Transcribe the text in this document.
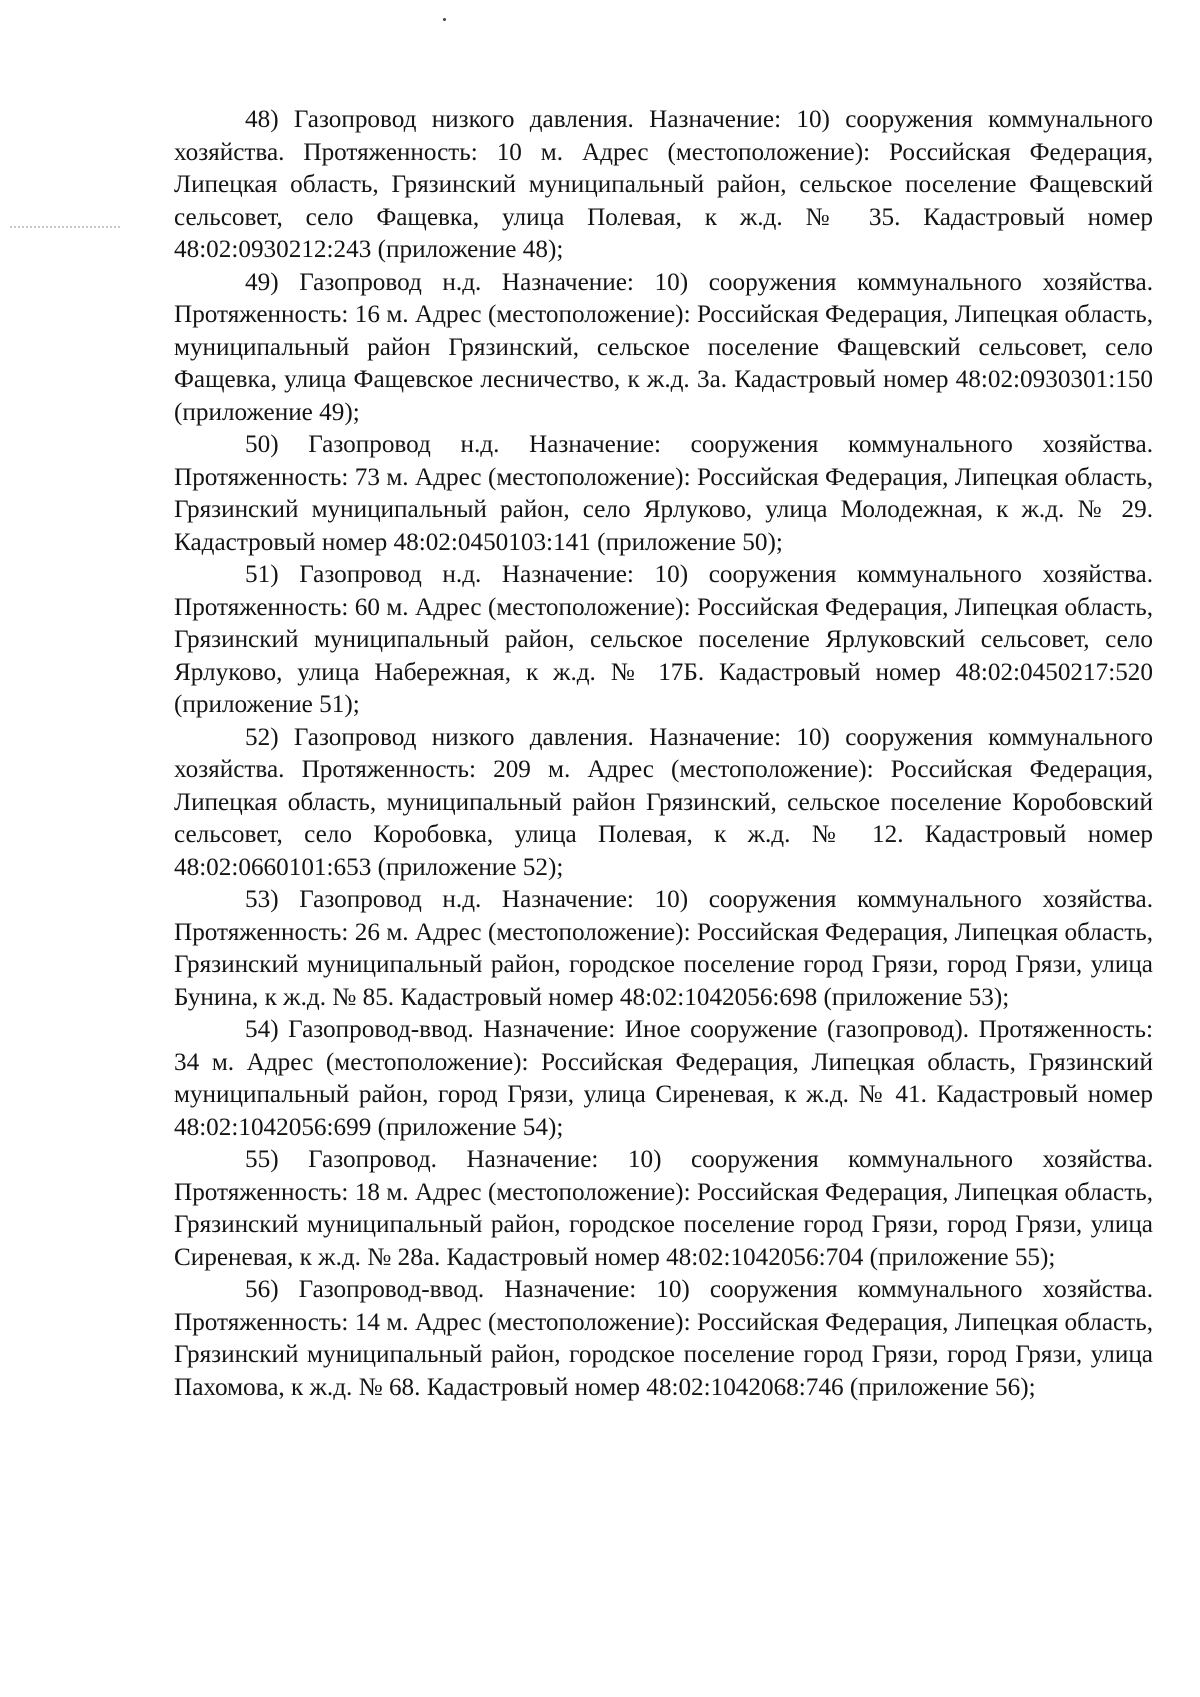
48) Газопровод низкого давления. Назначение: 10) сооружения коммунального хозяйства. Протяженность: 10 м. Адрес (местоположение): Российская Федерация, Липецкая область, Грязинский муниципальный район, сельское поселение Фащевский сельсовет, село Фащевка, улица Полевая, к ж.д. № 35. Кадастровый номер 48:02:0930212:243 (приложение 48);

49) Газопровод н.д. Назначение: 10) сооружения коммунального хозяйства. Протяженность: 16 м. Адрес (местоположение): Российская Федерация, Липецкая область, муниципальный район Грязинский, сельское поселение Фащевский сельсовет, село Фащевка, улица Фащевское лесничество, к ж.д. 3а. Кадастровый номер 48:02:0930301:150 (приложение 49);

50) Газопровод н.д. Назначение: сооружения коммунального хозяйства. Протяженность: 73 м. Адрес (местоположение): Российская Федерация, Липецкая область, Грязинский муниципальный район, село Ярлуково, улица Молодежная, к ж.д. № 29. Кадастровый номер 48:02:0450103:141 (приложение 50);

51) Газопровод н.д. Назначение: 10) сооружения коммунального хозяйства. Протяженность: 60 м. Адрес (местоположение): Российская Федерация, Липецкая область, Грязинский муниципальный район, сельское поселение Ярлуковский сельсовет, село Ярлуково, улица Набережная, к ж.д. № 17Б. Кадастровый номер 48:02:0450217:520 (приложение 51);

52) Газопровод низкого давления. Назначение: 10) сооружения коммунального хозяйства. Протяженность: 209 м. Адрес (местоположение): Российская Федерация, Липецкая область, муниципальный район Грязинский, сельское поселение Коробовский сельсовет, село Коробовка, улица Полевая, к ж.д. № 12. Кадастровый номер 48:02:0660101:653 (приложение 52);

53) Газопровод н.д. Назначение: 10) сооружения коммунального хозяйства. Протяженность: 26 м. Адрес (местоположение): Российская Федерация, Липецкая область, Грязинский муниципальный район, городское поселение город Грязи, город Грязи, улица Бунина, к ж.д. № 85. Кадастровый номер 48:02:1042056:698 (приложение 53);

54) Газопровод-ввод. Назначение: Иное сооружение (газопровод). Протяженность: 34 м. Адрес (местоположение): Российская Федерация, Липецкая область, Грязинский муниципальный район, город Грязи, улица Сиреневая, к ж.д. № 41. Кадастровый номер 48:02:1042056:699 (приложение 54);

55) Газопровод. Назначение: 10) сооружения коммунального хозяйства. Протяженность: 18 м. Адрес (местоположение): Российская Федерация, Липецкая область, Грязинский муниципальный район, городское поселение город Грязи, город Грязи, улица Сиреневая, к ж.д. № 28а. Кадастровый номер 48:02:1042056:704 (приложение 55);

56) Газопровод-ввод. Назначение: 10) сооружения коммунального хозяйства. Протяженность: 14 м. Адрес (местоположение): Российская Федерация, Липецкая область, Грязинский муниципальный район, городское поселение город Грязи, город Грязи, улица Пахомова, к ж.д. № 68. Кадастровый номер 48:02:1042068:746 (приложение 56);
